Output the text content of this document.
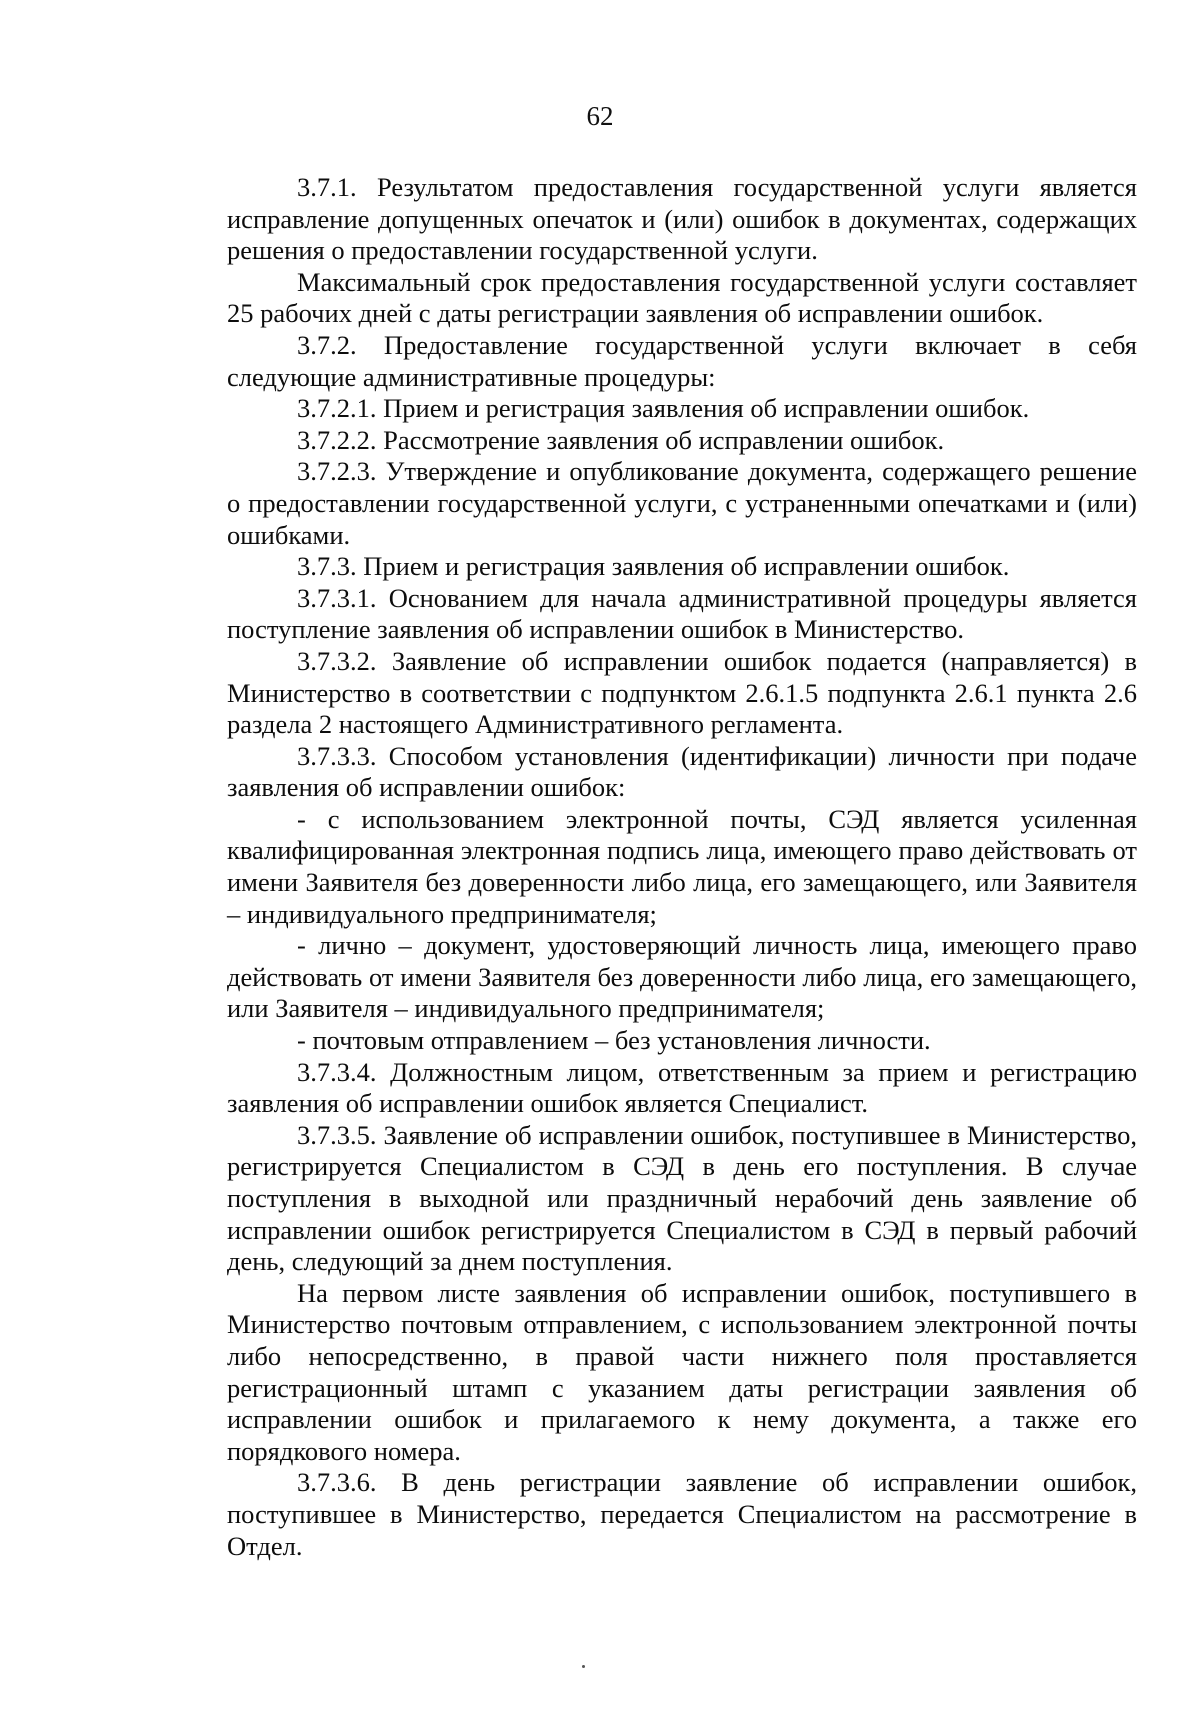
62

3.7.1. Результатом предоставления государственной услуги является исправление допущенных опечаток и (или) ошибок в документах, содержащих решения о предоставлении государственной услуги.

Максимальный срок предоставления государственной услуги составляет 25 рабочих дней с даты регистрации заявления об исправлении ошибок.

3.7.2. Предоставление государственной услуги включает в себя следующие административные процедуры:

3.7.2.1. Прием и регистрация заявления об исправлении ошибок.

3.7.2.2. Рассмотрение заявления об исправлении ошибок.

3.7.2.3. Утверждение и опубликование документа, содержащего решение о предоставлении государственной услуги, с устраненными опечатками и (или) ошибками.

3.7.3. Прием и регистрация заявления об исправлении ошибок.

3.7.3.1. Основанием для начала административной процедуры является поступление заявления об исправлении ошибок в Министерство.

3.7.3.2. Заявление об исправлении ошибок подается (направляется) в Министерство в соответствии с подпунктом 2.6.1.5 подпункта 2.6.1 пункта 2.6 раздела 2 настоящего Административного регламента.

3.7.3.3. Способом установления (идентификации) личности при подаче заявления об исправлении ошибок:

- с использованием электронной почты, СЭД является усиленная квалифицированная электронная подпись лица, имеющего право действовать от имени Заявителя без доверенности либо лица, его замещающего, или Заявителя – индивидуального предпринимателя;

- лично – документ, удостоверяющий личность лица, имеющего право действовать от имени Заявителя без доверенности либо лица, его замещающего, или Заявителя – индивидуального предпринимателя;

- почтовым отправлением – без установления личности.

3.7.3.4. Должностным лицом, ответственным за прием и регистрацию заявления об исправлении ошибок является Специалист.

3.7.3.5. Заявление об исправлении ошибок, поступившее в Министерство, регистрируется Специалистом в СЭД в день его поступления. В случае поступления в выходной или праздничный нерабочий день заявление об исправлении ошибок регистрируется Специалистом в СЭД в первый рабочий день, следующий за днем поступления.

На первом листе заявления об исправлении ошибок, поступившего в Министерство почтовым отправлением, с использованием электронной почты либо непосредственно, в правой части нижнего поля проставляется регистрационный штамп с указанием даты регистрации заявления об исправлении ошибок и прилагаемого к нему документа, а также его порядкового номера.

3.7.3.6. В день регистрации заявление об исправлении ошибок, поступившее в Министерство, передается Специалистом на рассмотрение в Отдел.
